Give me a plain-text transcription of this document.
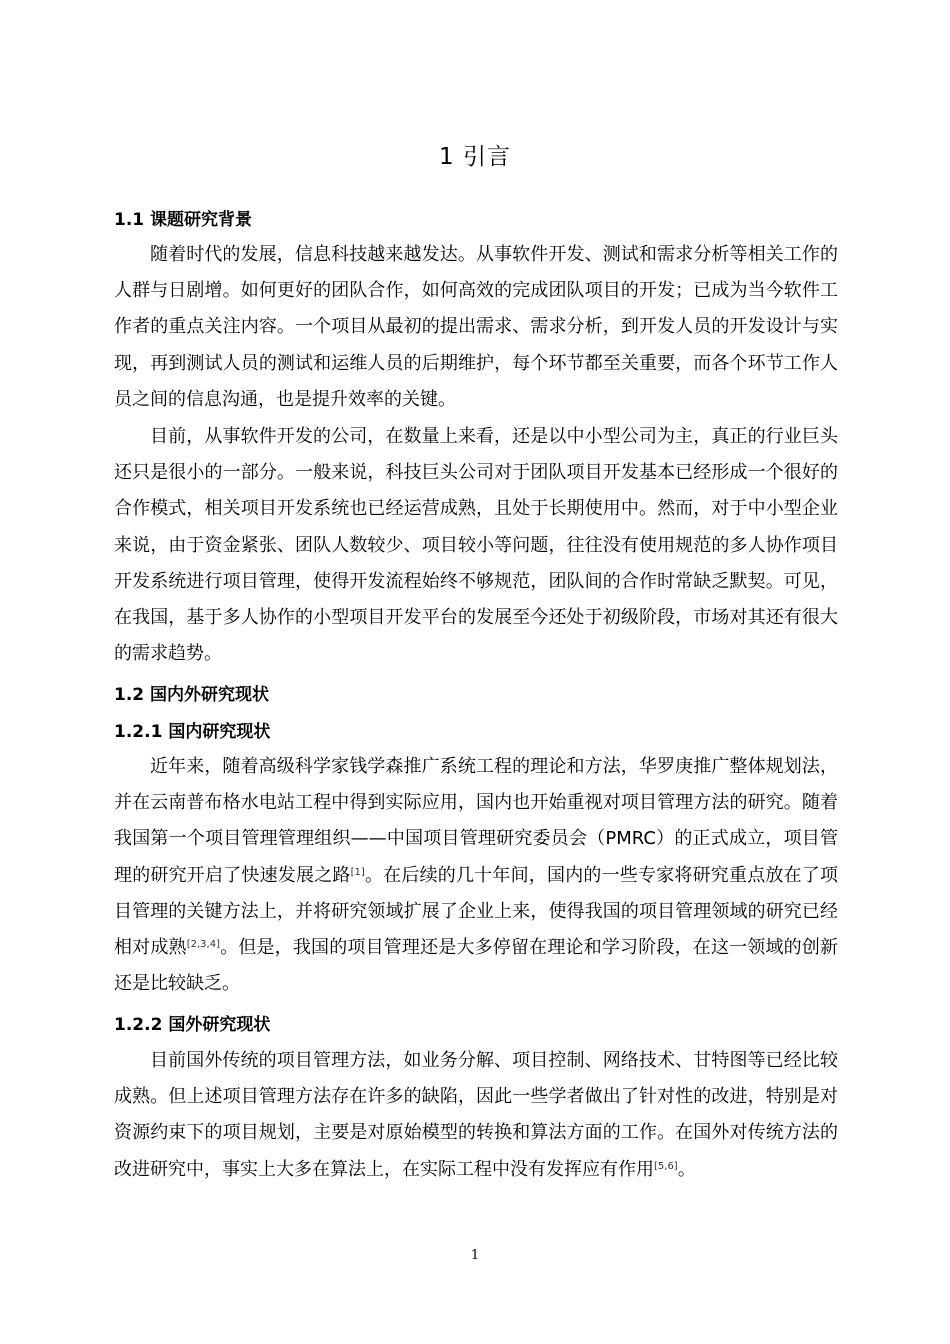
1 引言
1.1 课题研究背景

随着时代的发展，信息科技越来越发达。从事软件开发、测试和需求分析等相关工作的人群与日剧增。如何更好的团队合作，如何高效的完成团队项目的开发；已成为当今软件工作者的重点关注内容。一个项目从最初的提出需求、需求分析，到开发人员的开发设计与实现，再到测试人员的测试和运维人员的后期维护，每个环节都至关重要，而各个环节工作人员之间的信息沟通，也是提升效率的关键。

目前，从事软件开发的公司，在数量上来看，还是以中小型公司为主，真正的行业巨头还只是很小的一部分。一般来说，科技巨头公司对于团队项目开发基本已经形成一个很好的合作模式，相关项目开发系统也已经运营成熟，且处于长期使用中。然而，对于中小型企业来说，由于资金紧张、团队人数较少、项目较小等问题，往往没有使用规范的多人协作项目开发系统进行项目管理，使得开发流程始终不够规范，团队间的合作时常缺乏默契。可见，在我国，基于多人协作的小型项目开发平台的发展至今还处于初级阶段，市场对其还有很大的需求趋势。

1.2 国内外研究现状
1.2.1 国内研究现状

近年来，随着高级科学家钱学森推广系统工程的理论和方法，华罗庚推广整体规划法，并在云南普布格水电站工程中得到实际应用，国内也开始重视对项目管理方法的研究。随着我国第一个项目管理管理组织——中国项目管理研究委员会（PMRC）的正式成立，项目管理的研究开启了快速发展之路[1]。在后续的几十年间，国内的一些专家将研究重点放在了项目管理的关键方法上，并将研究领域扩展了企业上来，使得我国的项目管理领域的研究已经相对成熟[2,3,4]。但是，我国的项目管理还是大多停留在理论和学习阶段，在这一领域的创新还是比较缺乏。

1.2.2 国外研究现状

目前国外传统的项目管理方法，如业务分解、项目控制、网络技术、甘特图等已经比较成熟。但上述项目管理方法存在许多的缺陷，因此一些学者做出了针对性的改进，特别是对资源约束下的项目规划，主要是对原始模型的转换和算法方面的工作。在国外对传统方法的改进研究中，事实上大多在算法上，在实际工程中没有发挥应有作用[5,6]。

1
